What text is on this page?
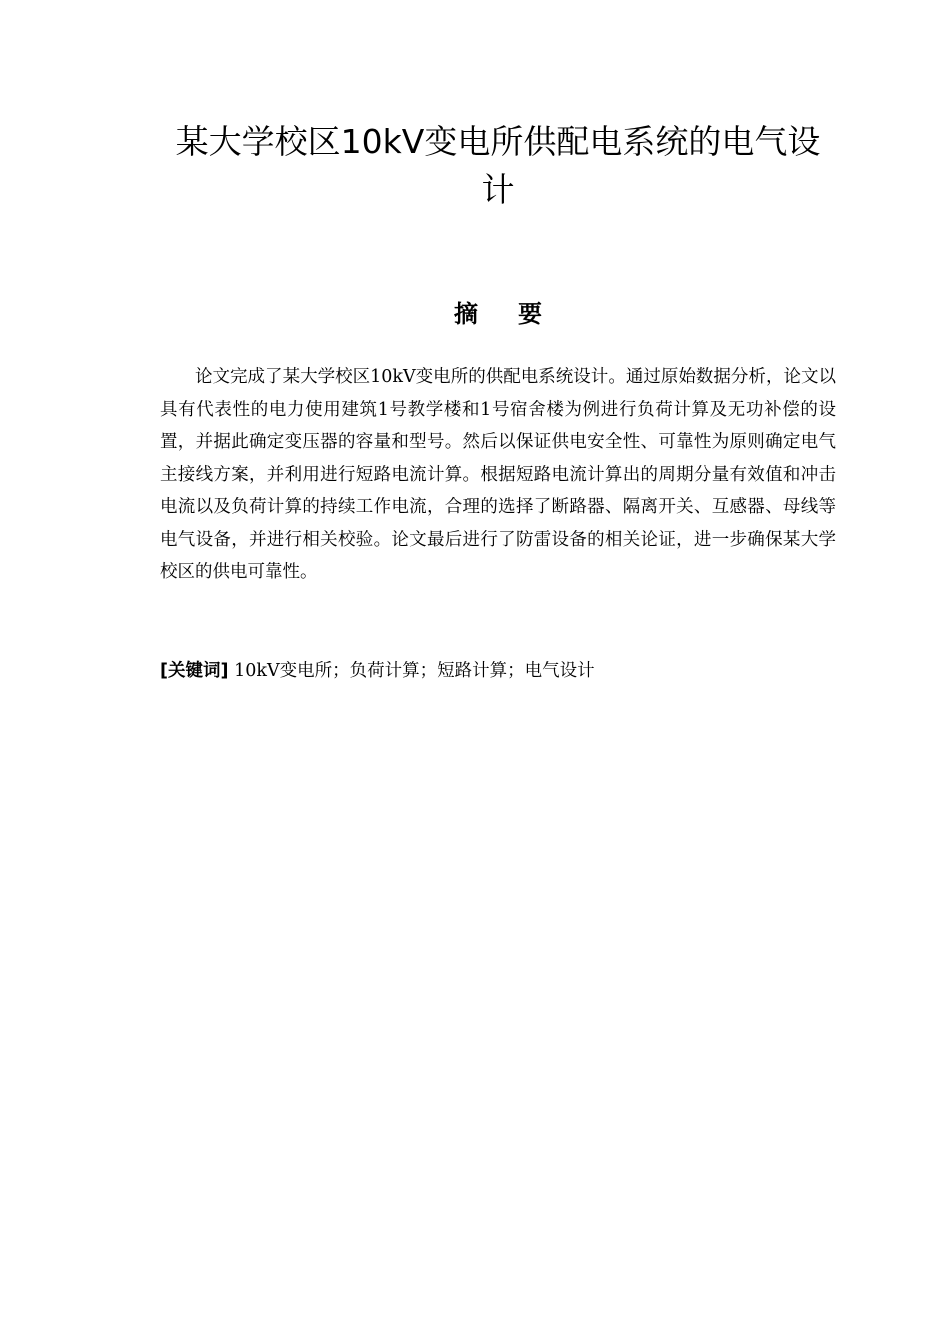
某大学校区10kV变电所供配电系统的电气设计
摘要

论文完成了某大学校区10kV变电所的供配电系统设计。通过原始数据分析，论文以具有代表性的电力使用建筑1号教学楼和1号宿舍楼为例进行负荷计算及无功补偿的设置，并据此确定变压器的容量和型号。然后以保证供电安全性、可靠性为原则确定电气主接线方案，并利用进行短路电流计算。根据短路电流计算出的周期分量有效值和冲击电流以及负荷计算的持续工作电流，合理的选择了断路器、隔离开关、互感器、母线等电气设备，并进行相关校验。论文最后进行了防雷设备的相关论证，进一步确保某大学校区的供电可靠性。

[关键词] 10kV变电所；负荷计算；短路计算；电气设计
